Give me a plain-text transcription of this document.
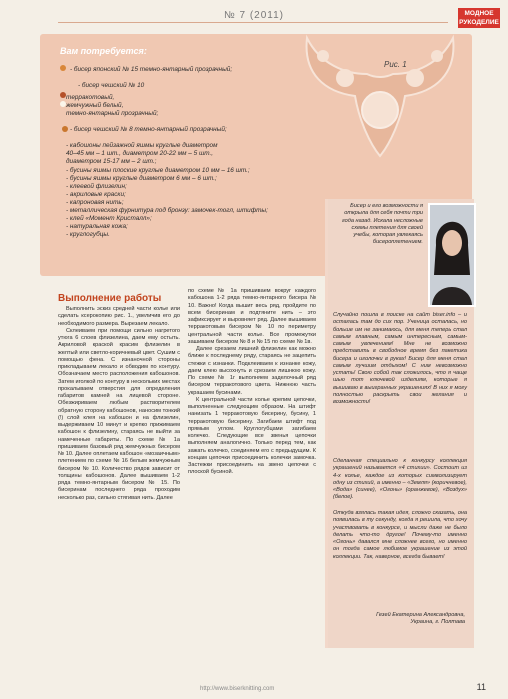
№ 7 (2011)	МОДНОЕ
РУКОДЕЛИЕ
Вам потребуется:
- бисер японский № 15 темно-янтарный прозрачный;
- бисер чешский № 10
терракотовый,
жемчужный белый,
темно-янтарный прозрачный;
- бисер чешский № 8 темно-янтарный прозрачный;
- кабошоны пейзажной яшмы круглые диаметром
40–45 мм – 1 шт., диаметром 20-22 мм – 5 шт.,
диаметром 15-17 мм – 2 шт.;
- бусины яшмы плоские круглые диаметром 10 мм – 16 шт.;
- бусины яшмы круглые диаметром 6 мм – 6 шт.;
- клеевой флизелин;
- акриловые краски;
- капроновая нить;
- металлическая фурнитура под бронзу: замочек-тогл, штифты;
- клей «Момент Кристалл»;
- натуральная кожа;
- круглогубцы.
Рис. 1
Выполнение работы

Выполнить эскиз средней части колье или сделать ксерокопию рис. 1., увеличив его до необходимого размера. Вырезаем лекало.

Склеиваем при помощи сильно нагретого утюга 6 слоев флизелина, даем ему остыть. Акриловой краской красим флизелин в желтый или светло-коричневый цвет. Сушим с помощью фена. С изнаночной стороны прикладываем лекало и обводим по контуру. Обозначаем место расположения кабошонов. Затем иголкой по контуру в нескольких местах прокалываем отверстия для определения габаритов камней на лицевой стороне. Обезжириваем любым растворителем обратную сторону кабошонов, наносим тонкий (!) слой клея на кабошон и на флизелин, выдерживаем 10 минут и крепко прижимаем кабошон к флизелину, стараясь не выйти за намеченные габариты. По схеме № 1а пришиваем базовый ряд жемчужных бисером № 10. Далее оплетаем кабошон «мозаичным» плетением по схеме № 16 белым жемчужным бисером № 10. Количество рядов зависит от толщины кабошонов. Далее вышиваем 1-2 ряда темно-янтарным бисером № 15. По бисеринам последнего ряда проходим несколько раз, сильно стягивая нить. Далее

по схеме № 1а пришиваем вокруг каждого кабошона 1-2 ряда темно-янтарного бисера № 10. Важно! Когда вышит весь ряд, пройдите по всем бисеринам и подтяните нить – это зафиксирует и выровняет ряд. Далее вышиваем терракотовым бисером № 10 по периметру центральной части колье. Все промежутки зашиваем бисером № 8 и № 15 по схеме № 1в.

Далее срезаем лишний флизелин как можно ближе к последнему ряду, стараясь не зацепить стежки с изнанки. Подклеиваем к изнанке кожу, даем клею высохнуть и срезаем лишнюю кожу. По схеме № 1г выполняем заделочный ряд бисером терракотового цвета. Нижнюю часть украшаем бусинами.

К центральной части колье крепим цепочки, выполненные следующим образом. На штифт нанизать 1 терракотовую бисерину, бусину, 1 терракотовую бисерину. Загибаем штифт под прямым углом. Круглогубцами загибаем колечко. Следующие все звенья цепочки выполняем аналогично. Только перед тем, как зажать колечко, соединяем его с предыдущим. К концам цепочки присоединить колечки замочка. Застежки присоединить на звено цепочки с плоской бусиной.

Бисер и его возможности я открыла для себя почти три года назад. Искала несложные схемы плетения для своей учебы, которая увлекаясь бисероплетением.
Случайно пошла в поиске на сайт biser.info – и осталась там до сих пор. Ученица осталась, но больше им не занимаюсь, для меня теперь стал самым главным, самым интересным, самым-самым увлечением! Мне не возможно представить в свободное время без пакетика бисера и иголочки в руках! Бисер для меня стал самым лучшим отдыхом! С ним невозможно устать! Свою собой так сложилось, что я чаще шью тот ключевой изделиям, которые я вышиваю в выигранных украшениях! В них я могу полностью раскрыть свои желания и возможности!
Сделанная специально к конкурсу коллекция украшений называется «4 стихии». Состоит из 4-х колье, каждое из которых символизирует одну из стихий, а именно – «Земля» (коричневое), «Вода» (синее), «Огонь» (оранжевое), «Воздух» (белое).
Откуда взялась такая идея, сложно сказать, она появилась в ту секунду, когда я решила, что хочу участвовать в конкурсе, и мысли даже не было делать что-то другое! Почему-то именно «Огонь» давался мне сложнее всего, но именно он тогда самое любимое украшение из этой коллекции. Так, наверное, всегда бывает!
Гезей Екатерина Александровна,
Украина, г. Полтава
http://www.biserknitting.com	11
